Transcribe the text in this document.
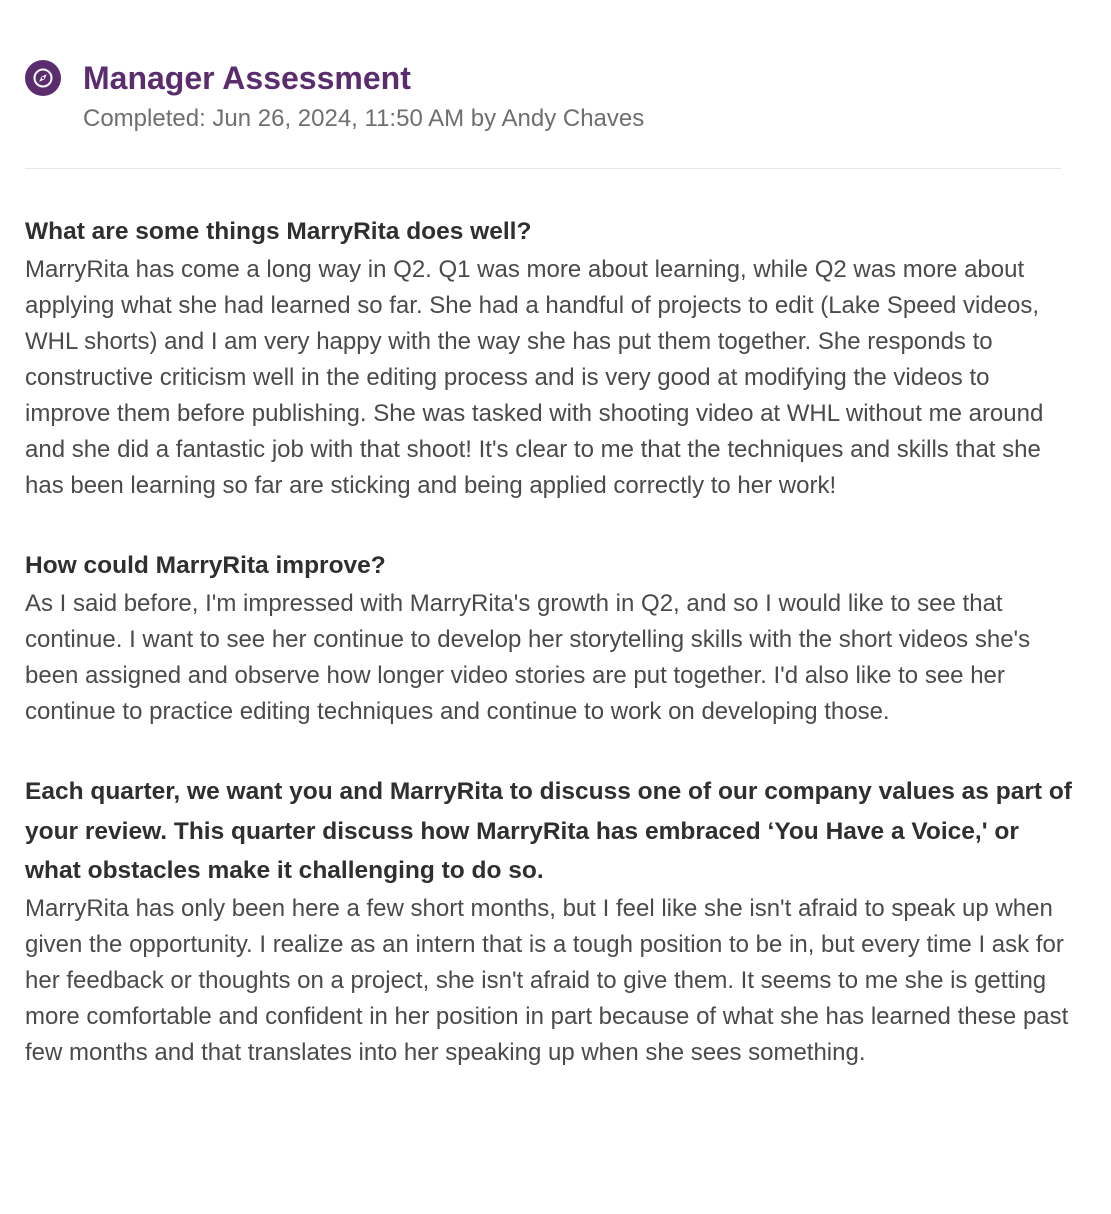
Manager Assessment
Completed: Jun 26, 2024, 11:50 AM by Andy Chaves

What are some things MarryRita does well?

MarryRita has come a long way in Q2. Q1 was more about learning, while Q2 was more about applying what she had learned so far. She had a handful of projects to edit (Lake Speed videos, WHL shorts) and I am very happy with the way she has put them together. She responds to constructive criticism well in the editing process and is very good at modifying the videos to improve them before publishing. She was tasked with shooting video at WHL without me around and she did a fantastic job with that shoot! It's clear to me that the techniques and skills that she has been learning so far are sticking and being applied correctly to her work!

How could MarryRita improve?

As I said before, I'm impressed with MarryRita's growth in Q2, and so I would like to see that continue. I want to see her continue to develop her storytelling skills with the short videos she's been assigned and observe how longer video stories are put together. I'd also like to see her continue to practice editing techniques and continue to work on developing those.

Each quarter, we want you and MarryRita to discuss one of our company values as part of your review. This quarter discuss how MarryRita has embraced ‘You Have a Voice,' or what obstacles make it challenging to do so.

MarryRita has only been here a few short months, but I feel like she isn't afraid to speak up when given the opportunity. I realize as an intern that is a tough position to be in, but every time I ask for her feedback or thoughts on a project, she isn't afraid to give them. It seems to me she is getting more comfortable and confident in her position in part because of what she has learned these past few months and that translates into her speaking up when she sees something.
